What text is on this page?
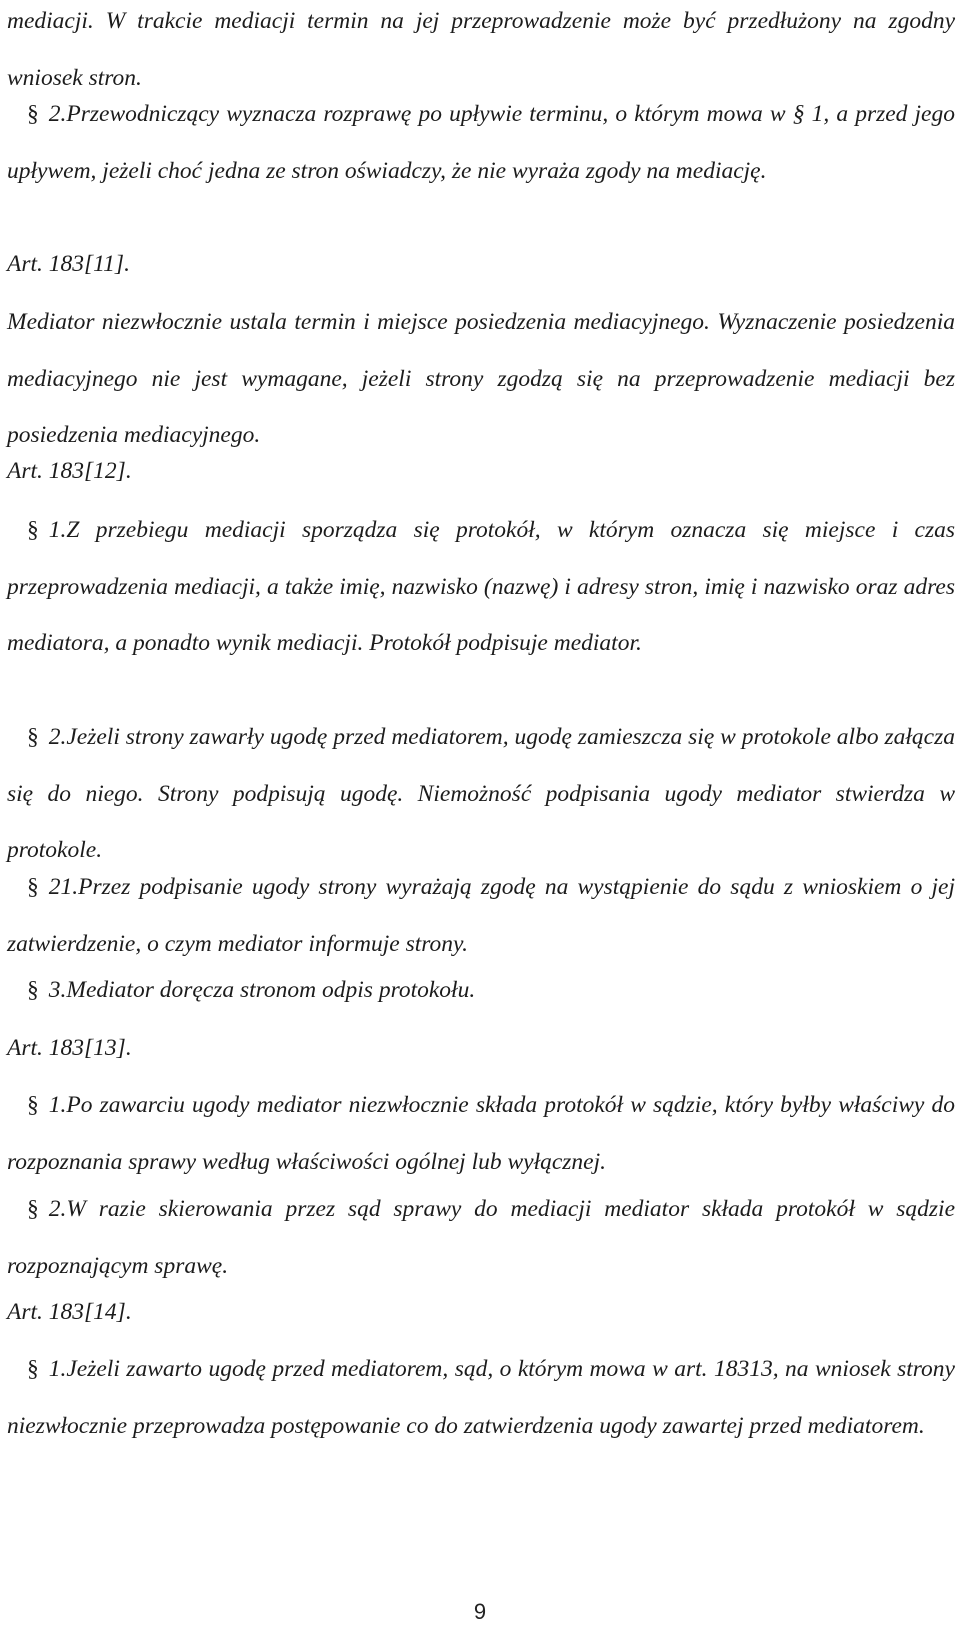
mediacji. W trakcie mediacji termin na jej przeprowadzenie może być przedłużony na zgodny wniosek stron.

§ 2.Przewodniczący wyznacza rozprawę po upływie terminu, o którym mowa w § 1, a przed jego upływem, jeżeli choć jedna ze stron oświadczy, że nie wyraża zgody na mediację.

Art. 183[11].

Mediator niezwłocznie ustala termin i miejsce posiedzenia mediacyjnego. Wyznaczenie posiedzenia mediacyjnego nie jest wymagane, jeżeli strony zgodzą się na przeprowadzenie mediacji bez posiedzenia mediacyjnego.

Art. 183[12].

§ 1.Z przebiegu mediacji sporządza się protokół, w którym oznacza się miejsce i czas przeprowadzenia mediacji, a także imię, nazwisko (nazwę) i adresy stron, imię i nazwisko oraz adres mediatora, a ponadto wynik mediacji. Protokół podpisuje mediator.

§ 2.Jeżeli strony zawarły ugodę przed mediatorem, ugodę zamieszcza się w protokole albo załącza się do niego. Strony podpisują ugodę. Niemożność podpisania ugody mediator stwierdza w protokole.

§ 21.Przez podpisanie ugody strony wyrażają zgodę na wystąpienie do sądu z wnioskiem o jej zatwierdzenie, o czym mediator informuje strony.

§ 3.Mediator doręcza stronom odpis protokołu.

Art. 183[13].

§ 1.Po zawarciu ugody mediator niezwłocznie składa protokół w sądzie, który byłby właściwy do rozpoznania sprawy według właściwości ogólnej lub wyłącznej.

§ 2.W razie skierowania przez sąd sprawy do mediacji mediator składa protokół w sądzie rozpoznającym sprawę.

Art. 183[14].

§ 1.Jeżeli zawarto ugodę przed mediatorem, sąd, o którym mowa w art. 18313, na wniosek strony niezwłocznie przeprowadza postępowanie co do zatwierdzenia ugody zawartej przed mediatorem.

9
